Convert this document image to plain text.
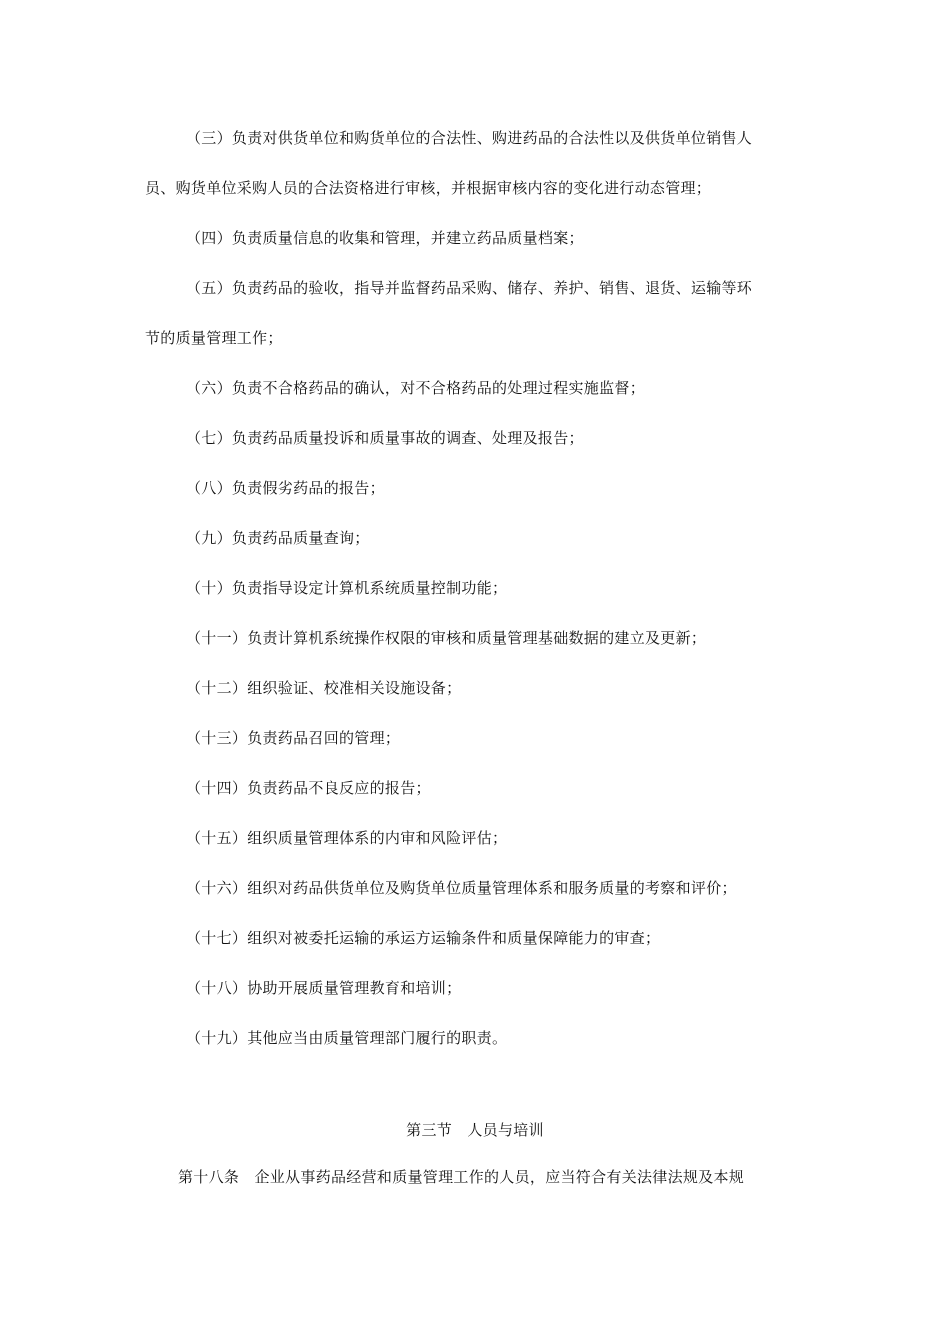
（三）负责对供货单位和购货单位的合法性、购进药品的合法性以及供货单位销售人
员、购货单位采购人员的合法资格进行审核，并根据审核内容的变化进行动态管理；
（四）负责质量信息的收集和管理，并建立药品质量档案；
（五）负责药品的验收，指导并监督药品采购、储存、养护、销售、退货、运输等环
节的质量管理工作；
（六）负责不合格药品的确认，对不合格药品的处理过程实施监督；
（七）负责药品质量投诉和质量事故的调查、处理及报告；
（八）负责假劣药品的报告；
（九）负责药品质量查询；
（十）负责指导设定计算机系统质量控制功能；
（十一）负责计算机系统操作权限的审核和质量管理基础数据的建立及更新；
（十二）组织验证、校准相关设施设备；
（十三）负责药品召回的管理；
（十四）负责药品不良反应的报告；
（十五）组织质量管理体系的内审和风险评估；
（十六）组织对药品供货单位及购货单位质量管理体系和服务质量的考察和评价；
（十七）组织对被委托运输的承运方运输条件和质量保障能力的审查；
（十八）协助开展质量管理教育和培训；
（十九）其他应当由质量管理部门履行的职责。
第三节　人员与培训
第十八条　企业从事药品经营和质量管理工作的人员，应当符合有关法律法规及本规
